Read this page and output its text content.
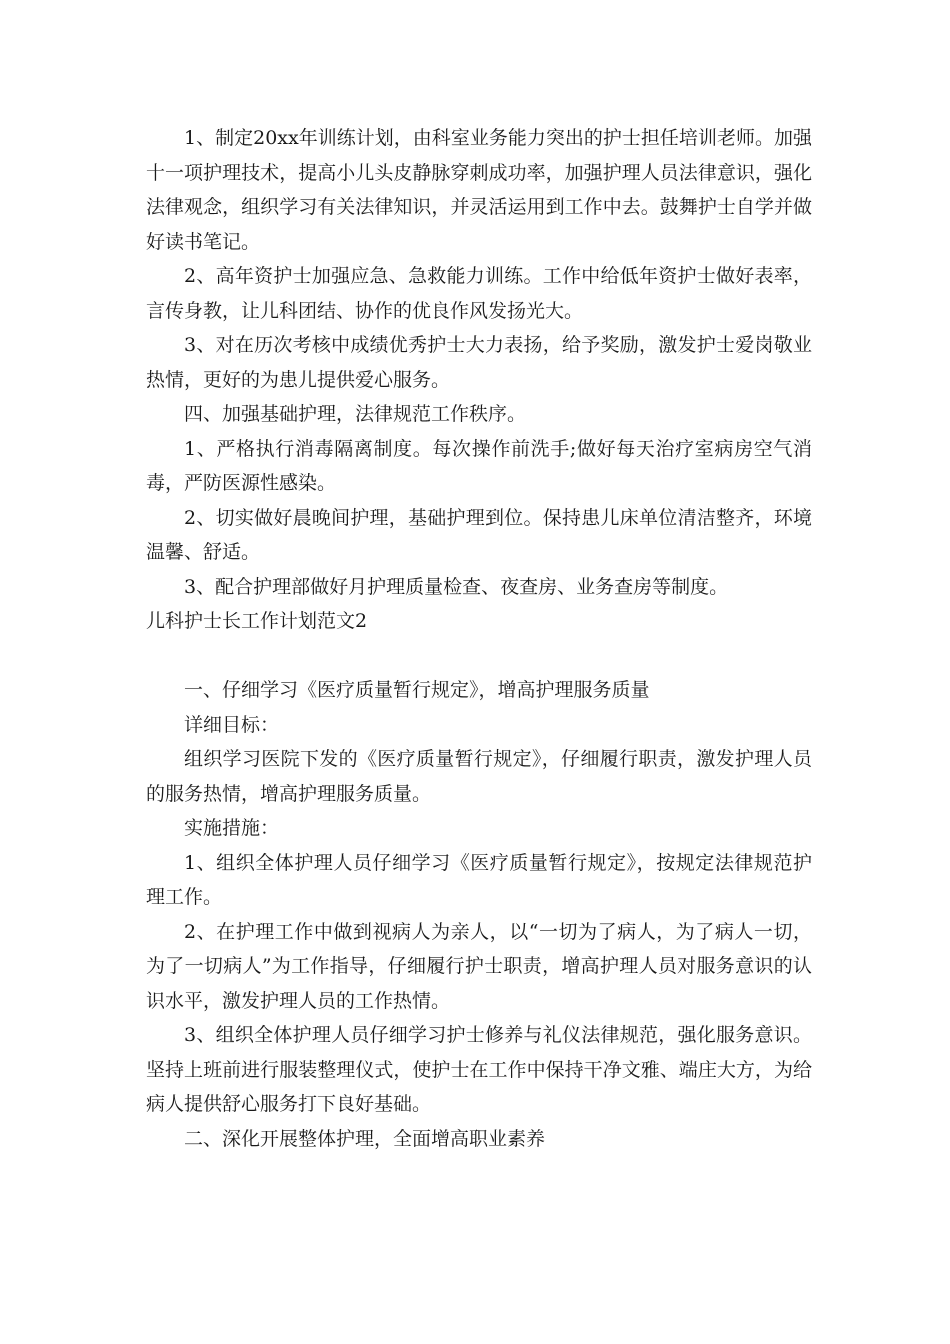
1、制定20xx年训练计划，由科室业务能力突出的护士担任培训老师。加强十一项护理技术，提高小儿头皮静脉穿刺成功率，加强护理人员法律意识，强化法律观念，组织学习有关法律知识，并灵活运用到工作中去。鼓舞护士自学并做好读书笔记。

2、高年资护士加强应急、急救能力训练。工作中给低年资护士做好表率，言传身教，让儿科团结、协作的优良作风发扬光大。

3、对在历次考核中成绩优秀护士大力表扬，给予奖励，激发护士爱岗敬业热情，更好的为患儿提供爱心服务。

四、加强基础护理，法律规范工作秩序。

1、严格执行消毒隔离制度。每次操作前洗手;做好每天治疗室病房空气消毒，严防医源性感染。

2、切实做好晨晚间护理，基础护理到位。保持患儿床单位清洁整齐，环境温馨、舒适。

3、配合护理部做好月护理质量检查、夜查房、业务查房等制度。

儿科护士长工作计划范文2

一、仔细学习《医疗质量暂行规定》，增高护理服务质量

详细目标：

组织学习医院下发的《医疗质量暂行规定》，仔细履行职责，激发护理人员的服务热情，增高护理服务质量。

实施措施：

1、组织全体护理人员仔细学习《医疗质量暂行规定》，按规定法律规范护理工作。

2、在护理工作中做到视病人为亲人，以“一切为了病人，为了病人一切，为了一切病人”为工作指导，仔细履行护士职责，增高护理人员对服务意识的认识水平，激发护理人员的工作热情。

3、组织全体护理人员仔细学习护士修养与礼仪法律规范，强化服务意识。坚持上班前进行服装整理仪式，使护士在工作中保持干净文雅、端庄大方，为给病人提供舒心服务打下良好基础。

二、深化开展整体护理，全面增高职业素养
